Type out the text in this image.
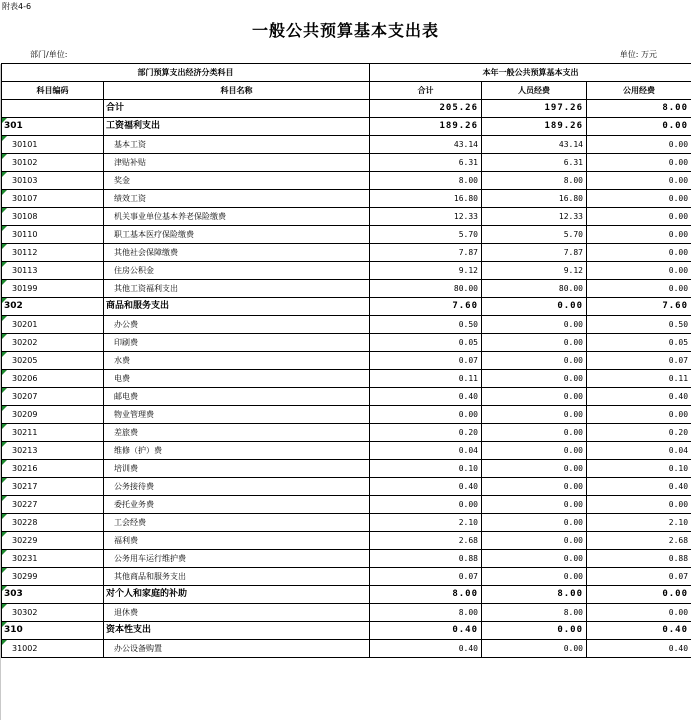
附表4-6
一般公共预算基本支出表
部门/单位:	单位: 万元
部门预算支出经济分类科目		本年一般公共预算基本支出		
科目编码	科目名称	合计	人员经费	公用经费
	合计	205.26	197.26	8.00

301	工资福利支出	189.26	189.26	0.00

30101	基本工资	43.14	43.14	0.00

30102	津贴补贴	6.31	6.31	0.00

30103	奖金	8.00	8.00	0.00

30107	绩效工资	16.80	16.80	0.00

30108	机关事业单位基本养老保险缴费	12.33	12.33	0.00

30110	职工基本医疗保险缴费	5.70	5.70	0.00

30112	其他社会保障缴费	7.87	7.87	0.00

30113	住房公积金	9.12	9.12	0.00

30199	其他工资福利支出	80.00	80.00	0.00

302	商品和服务支出	7.60	0.00	7.60

30201	办公费	0.50	0.00	0.50

30202	印刷费	0.05	0.00	0.05

30205	水费	0.07	0.00	0.07

30206	电费	0.11	0.00	0.11

30207	邮电费	0.40	0.00	0.40

30209	物业管理费	0.00	0.00	0.00

30211	差旅费	0.20	0.00	0.20

30213	维修（护）费	0.04	0.00	0.04

30216	培训费	0.10	0.00	0.10

30217	公务接待费	0.40	0.00	0.40

30227	委托业务费	0.00	0.00	0.00

30228	工会经费	2.10	0.00	2.10

30229	福利费	2.68	0.00	2.68

30231	公务用车运行维护费	0.88	0.00	0.88

30299	其他商品和服务支出	0.07	0.00	0.07

303	对个人和家庭的补助	8.00	8.00	0.00

30302	退休费	8.00	8.00	0.00

310	资本性支出	0.40	0.00	0.40

31002	办公设备购置	0.40	0.00	0.40
